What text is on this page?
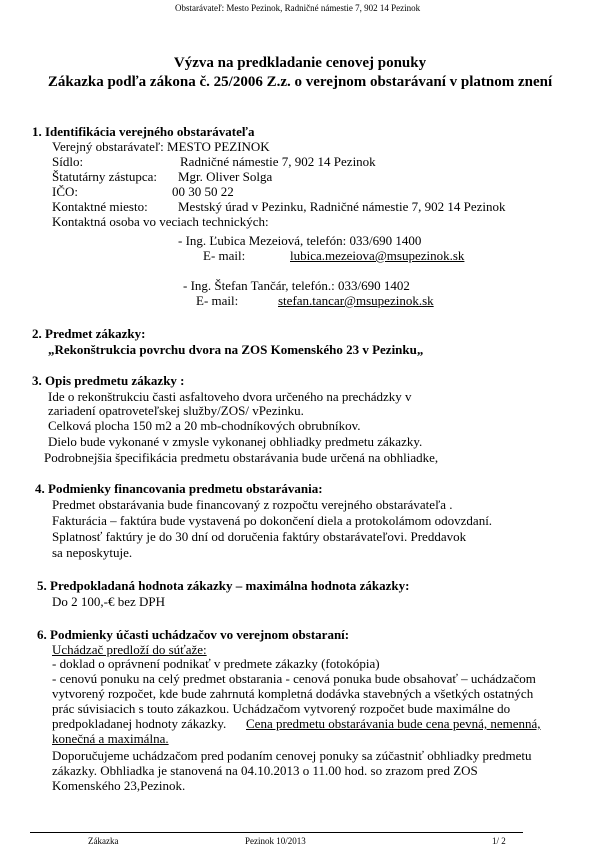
Obstarávateľ: Mesto Pezinok, Radničné námestie 7, 902 14 Pezinok
Výzva na predkladanie cenovej ponuky
Zákazka podľa zákona č. 25/2006 Z.z. o verejnom obstarávaní v platnom znení
1. Identifikácia verejného obstarávateľa
Verejný obstarávateľ: MESTO PEZINOK
Sídlo:	Radničné námestie 7, 902 14 Pezinok
Štatutárny zástupca: Mgr. Oliver Solga
IČO:	00 30 50 22
Kontaktné miesto: Mestský úrad v Pezinku, Radničné námestie 7, 902 14 Pezinok
Kontaktná osoba vo veciach technických:
- Ing. Ľubica Mezeiová, telefón: 033/690 1400
E- mail:	lubica.mezeiova@msupezinok.sk
- Ing. Štefan Tančár, telefón.: 033/690 1402
E- mail:	stefan.tancar@msupezinok.sk
2. Predmet zákazky:
„Rekonštrukcia povrchu dvora na ZOS Komenského 23 v Pezinku„
3. Opis predmetu zákazky :
Ide o rekonštrukciu časti asfaltoveho dvora určeného na prechádzky v
zariadení opatroveteľskej služby/ZOS/ vPezinku.
Celková plocha 150 m2 a 20 mb-chodníkových obrubníkov.
Dielo bude vykonané v zmysle vykonanej obhliadky predmetu zákazky.
Podrobnejšia špecifikácia predmetu obstarávania bude určená na obhliadke,
4. Podmienky financovania predmetu obstarávania:
Predmet obstarávania bude financovaný z rozpočtu verejného obstarávateľa .
Fakturácia – faktúra bude vystavená po dokončení diela a protokolámom odovzdaní.
Splatnosť faktúry je do 30 dní od doručenia faktúry obstarávateľovi. Preddavok
sa neposkytuje.
5. Predpokladaná hodnota zákazky – maximálna hodnota zákazky:
Do 2 100,-€ bez DPH
6. Podmienky účasti uchádzačov vo verejnom obstaraní:
Uchádzač predloží do súťaže:
- doklad o oprávnení podnikať v predmete zákazky (fotokópia)
- cenovú ponuku na celý predmet obstarania - cenová ponuka bude obsahovať – uchádzačom
vytvorený rozpočet, kde bude zahrnutá kompletná dodávka stavebných a všetkých ostatných
prác súvisiacich s touto zákazkou. Uchádzačom vytvorený rozpočet bude maximálne do
predpokladanej hodnoty zákazky. Cena predmetu obstarávania bude cena pevná, nemenná,
konečná a maximálna.
Doporučujeme uchádzačom pred podaním cenovej ponuky sa zúčastniť obhliadky predmetu
zákazky. Obhliadka je stanovená na 04.10.2013 o 11.00 hod. so zrazom pred ZOS
Komenského 23,Pezinok.
Zákazka	Pezinok 10/2013	1/ 2
